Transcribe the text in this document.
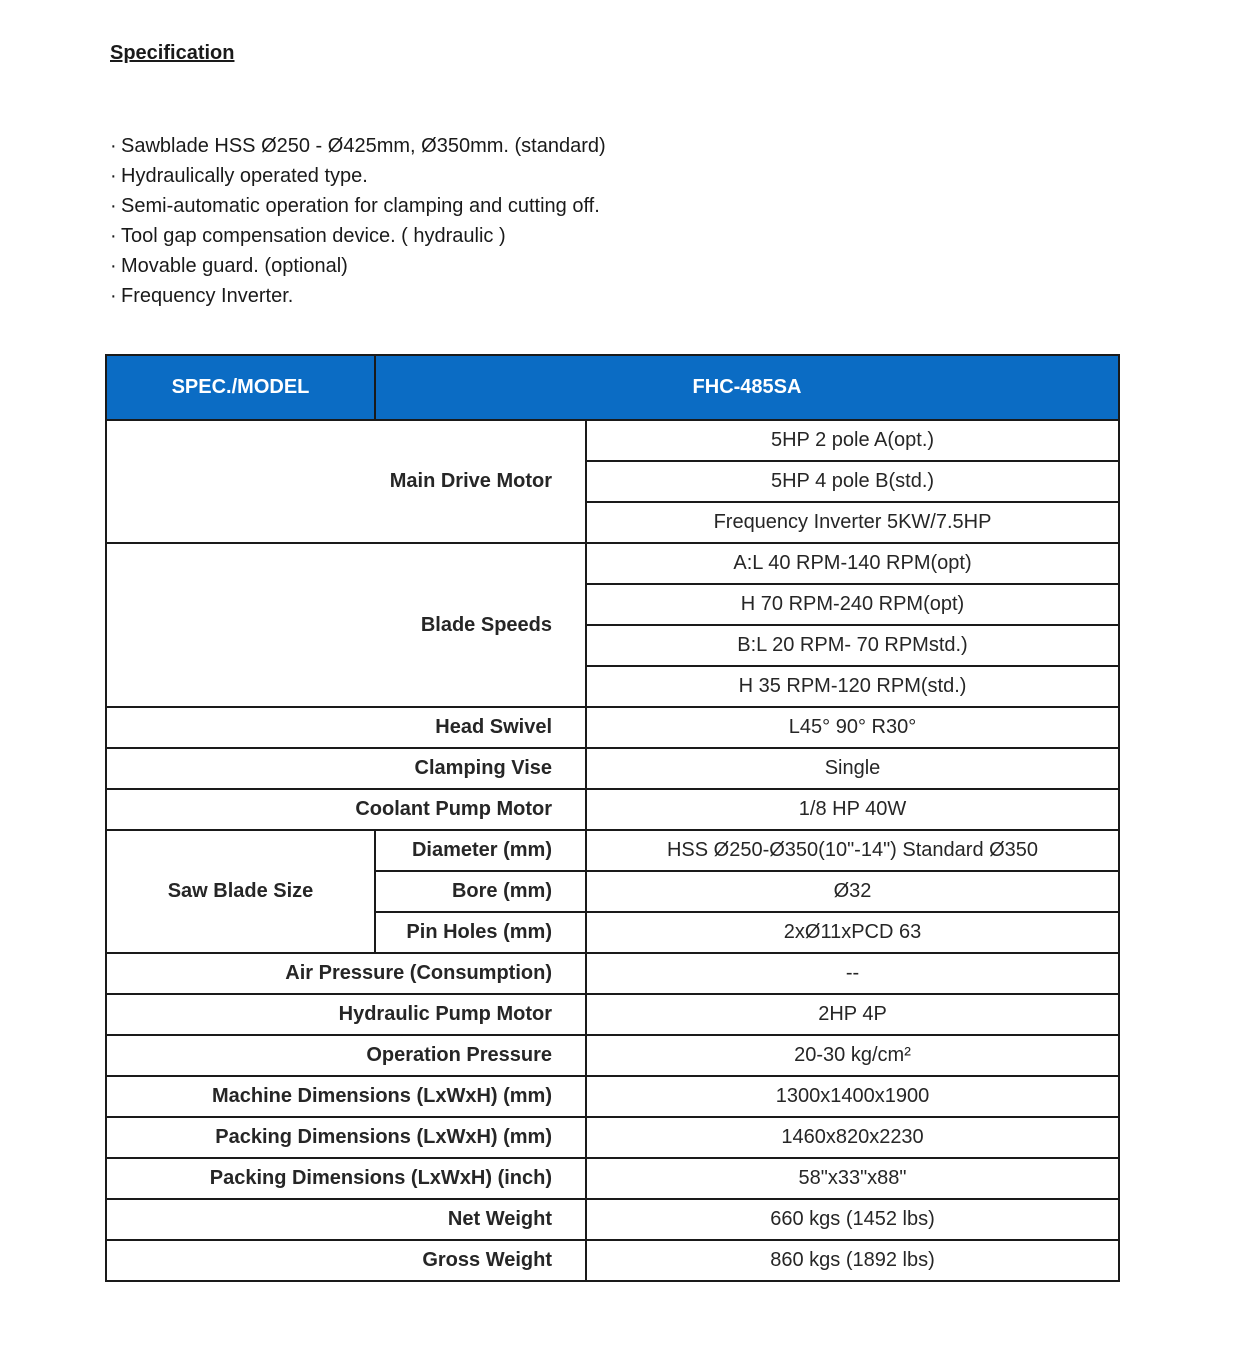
Specification
· Sawblade HSS Ø250 - Ø425mm, Ø350mm. (standard)
· Hydraulically operated type.
· Semi-automatic operation for clamping and cutting off.
· Tool gap compensation device. ( hydraulic )
· Movable guard. (optional)
· Frequency Inverter.
SPEC./MODEL	FHC-485SA	
Main Drive Motor		5HP 2 pole A(opt.)
		5HP 4 pole B(std.)
		Frequency Inverter 5KW/7.5HP
Blade Speeds		A:L 40 RPM-140 RPM(opt)
		H 70 RPM-240 RPM(opt)
		B:L 20 RPM- 70 RPMstd.)
		H 35 RPM-120 RPM(std.)
Head Swivel		L45° 90° R30°
Clamping Vise		Single
Coolant Pump Motor		1/8 HP 40W
Saw Blade Size	Diameter (mm)	HSS Ø250-Ø350(10"-14") Standard Ø350
	Bore (mm)	Ø32
	Pin Holes (mm)	2xØ11xPCD 63
Air Pressure (Consumption)		--
Hydraulic Pump Motor		2HP 4P
Operation Pressure		20-30 kg/cm²
Machine Dimensions (LxWxH) (mm)		1300x1400x1900
Packing Dimensions (LxWxH) (mm)		1460x820x2230
Packing Dimensions (LxWxH) (inch)		58"x33"x88"
Net Weight		660 kgs (1452 lbs)
Gross Weight		860 kgs (1892 lbs)
